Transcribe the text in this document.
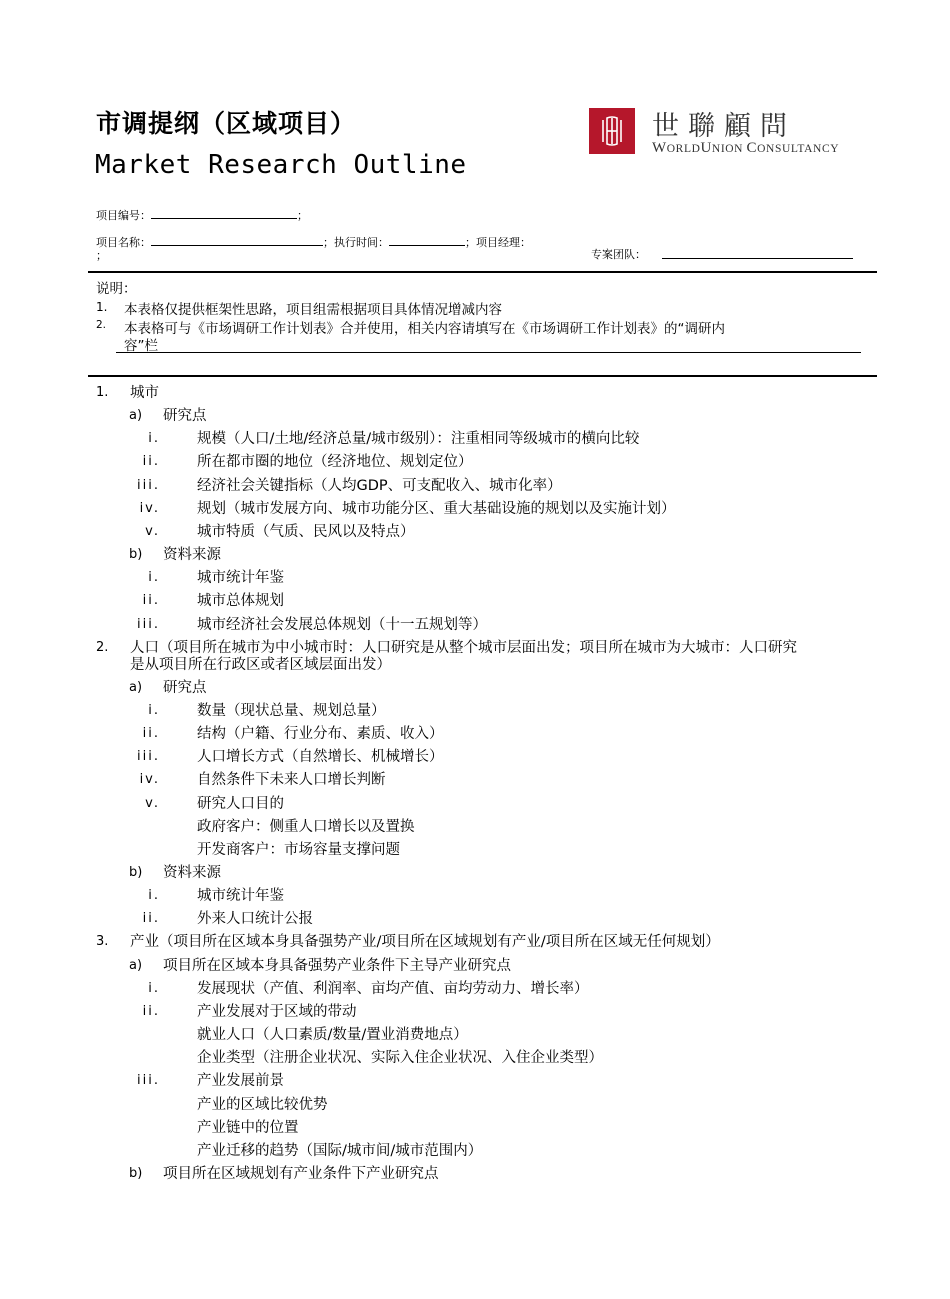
市调提纲（区域项目）
Market Research Outline
世聯顧問
WORLDUNION CONSULTANCY
项目编号：	；
项目名称：	；执行时间：	；项目经理：
；	专案团队：
说明：
1. 本表格仅提供框架性思路，项目组需根据项目具体情况增减内容
2. 本表格可与《市场调研工作计划表》合并使用，相关内容请填写在《市场调研工作计划表》的“调研内
容”栏
1. 城市
a) 研究点
i.	规模（人口/土地/经济总量/城市级别）：注重相同等级城市的横向比较
ii.	所在都市圈的地位（经济地位、规划定位）
iii.	经济社会关键指标（人均GDP、可支配收入、城市化率）
iv.	规划（城市发展方向、城市功能分区、重大基础设施的规划以及实施计划）
v.	城市特质（气质、民风以及特点）
b) 资料来源
i.	城市统计年鉴
ii.	城市总体规划
iii.	城市经济社会发展总体规划（十一五规划等）
2. 人口（项目所在城市为中小城市时：人口研究是从整个城市层面出发；项目所在城市为大城市：人口研究
是从项目所在行政区或者区域层面出发）
a) 研究点
i.	数量（现状总量、规划总量）
ii.	结构（户籍、行业分布、素质、收入）
iii.	人口增长方式（自然增长、机械增长）
iv.	自然条件下未来人口增长判断
v.	研究人口目的
政府客户：侧重人口增长以及置换
开发商客户：市场容量支撑问题
b) 资料来源
i.	城市统计年鉴
ii.	外来人口统计公报
3. 产业（项目所在区域本身具备强势产业/项目所在区域规划有产业/项目所在区域无任何规划）
a) 项目所在区域本身具备强势产业条件下主导产业研究点
i.	发展现状（产值、利润率、亩均产值、亩均劳动力、增长率）
ii.	产业发展对于区域的带动
就业人口（人口素质/数量/置业消费地点）
企业类型（注册企业状况、实际入住企业状况、入住企业类型）
iii.	产业发展前景
产业的区域比较优势
产业链中的位置
产业迁移的趋势（国际/城市间/城市范围内）
b) 项目所在区域规划有产业条件下产业研究点
